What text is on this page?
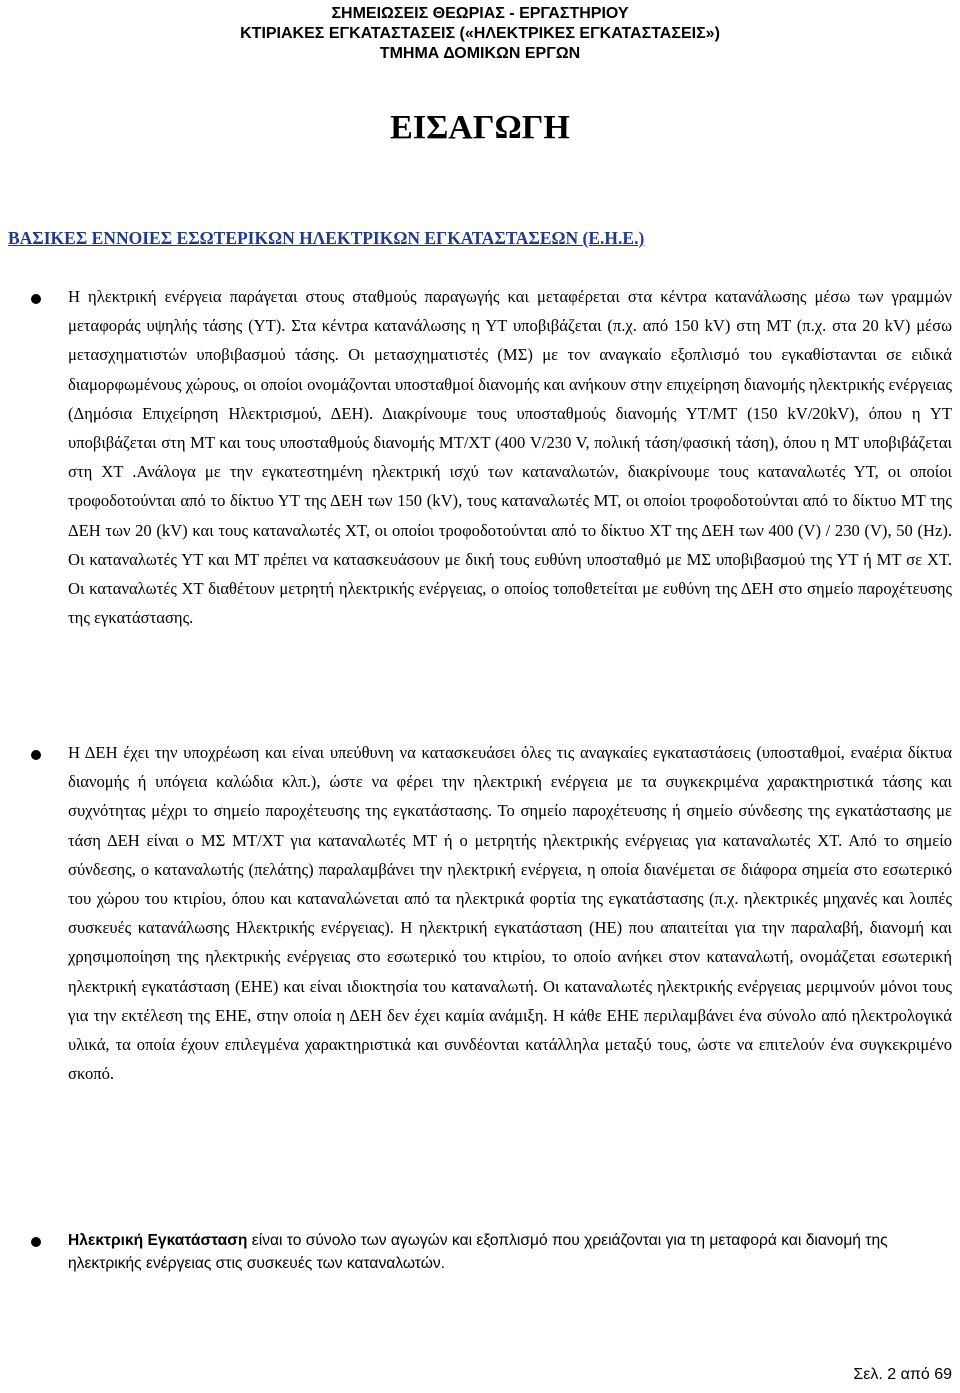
ΣΗΜΕΙΩΣΕΙΣ ΘΕΩΡΙΑΣ - ΕΡΓΑΣΤΗΡΙΟΥ
ΚΤΙΡΙΑΚΕΣ ΕΓΚΑΤΑΣΤΑΣΕΙΣ («ΗΛΕΚΤΡΙΚΕΣ ΕΓΚΑΤΑΣΤΑΣΕΙΣ»)
ΤΜΗΜΑ ΔΟΜΙΚΩΝ ΕΡΓΩΝ
ΕΙΣΑΓΩΓΗ
ΒΑΣΙΚΕΣ ΕΝΝΟΙΕΣ ΕΣΩΤΕΡΙΚΩΝ ΗΛΕΚΤΡΙΚΩΝ ΕΓΚΑΤΑΣΤΑΣΕΩΝ (Ε.Η.Ε.)

Η ηλεκτρική ενέργεια παράγεται στους σταθμούς παραγωγής και μεταφέρεται στα κέντρα κατανάλωσης μέσω των γραμμών μεταφοράς υψηλής τάσης (ΥΤ). Στα κέντρα κατανάλωσης η ΥΤ υποβιβάζεται (π.χ. από 150 kV) στη ΜΤ (π.χ. στα 20 kV) μέσω μετασχηματιστών υποβιβασμού τάσης. Οι μετασχηματιστές (ΜΣ) με τον αναγκαίο εξοπλισμό του εγκαθίστανται σε ειδικά διαμορφωμένους χώρους, οι οποίοι ονομάζονται υποσταθμοί διανομής και ανήκουν στην επιχείρηση διανομής ηλεκτρικής ενέργειας (Δημόσια Επιχείρηση Ηλεκτρισμού, ΔΕΗ). Διακρίνουμε τους υποσταθμούς διανομής ΥΤ/ΜΤ (150 kV/20kV), όπου η ΥΤ υποβιβάζεται στη ΜΤ και τους υποσταθμούς διανομής ΜΤ/ΧΤ (400 V/230 V, πολική τάση/φασική τάση), όπου η ΜΤ υποβιβάζεται στη ΧΤ .Ανάλογα με την εγκατεστημένη ηλεκτρική ισχύ των καταναλωτών, διακρίνουμε τους καταναλωτές ΥΤ, οι οποίοι τροφοδοτούνται από το δίκτυο ΥΤ της ΔΕΗ των 150 (kV), τους καταναλωτές ΜΤ, οι οποίοι τροφοδοτούνται από το δίκτυο ΜΤ της ΔΕΗ των 20 (kV) και τους καταναλωτές ΧΤ, οι οποίοι τροφοδοτούνται από το δίκτυο ΧΤ της ΔΕΗ των 400 (V) / 230 (V), 50 (Hz). Οι καταναλωτές ΥΤ και ΜΤ πρέπει να κατασκευάσουν με δική τους ευθύνη υποσταθμό με ΜΣ υποβιβασμού της ΥΤ ή ΜΤ σε ΧΤ. Οι καταναλωτές ΧΤ διαθέτουν μετρητή ηλεκτρικής ενέργειας, ο οποίος τοποθετείται με ευθύνη της ΔΕΗ στο σημείο παροχέτευσης της εγκατάστασης.

Η ΔΕΗ έχει την υποχρέωση και είναι υπεύθυνη να κατασκευάσει όλες τις αναγκαίες εγκαταστάσεις (υποσταθμοί, εναέρια δίκτυα διανομής ή υπόγεια καλώδια κλπ.), ώστε να φέρει την ηλεκτρική ενέργεια με τα συγκεκριμένα χαρακτηριστικά τάσης και συχνότητας μέχρι το σημείο παροχέτευσης της εγκατάστασης. Το σημείο παροχέτευσης ή σημείο σύνδεσης της εγκατάστασης με τάση ΔΕΗ είναι ο ΜΣ ΜΤ/ΧΤ για καταναλωτές ΜΤ ή ο μετρητής ηλεκτρικής ενέργειας για καταναλωτές ΧΤ. Από το σημείο σύνδεσης, ο καταναλωτής (πελάτης) παραλαμβάνει την ηλεκτρική ενέργεια, η οποία διανέμεται σε διάφορα σημεία στο εσωτερικό του χώρου του κτιρίου, όπου και καταναλώνεται από τα ηλεκτρικά φορτία της εγκατάστασης (π.χ. ηλεκτρικές μηχανές και λοιπές συσκευές κατανάλωσης Ηλεκτρικής ενέργειας). Η ηλεκτρική εγκατάσταση (ΗΕ) που απαιτείται για την παραλαβή, διανομή και χρησιμοποίηση της ηλεκτρικής ενέργειας στο εσωτερικό του κτιρίου, το οποίο ανήκει στον καταναλωτή, ονομάζεται εσωτερική ηλεκτρική εγκατάσταση (ΕΗΕ) και είναι ιδιοκτησία του καταναλωτή. Οι καταναλωτές ηλεκτρικής ενέργειας μεριμνούν μόνοι τους για την εκτέλεση της ΕΗΕ, στην οποία η ΔΕΗ δεν έχει καμία ανάμιξη. Η κάθε ΕΗΕ περιλαμβάνει ένα σύνολο από ηλεκτρολογικά υλικά, τα οποία έχουν επιλεγμένα χαρακτηριστικά και συνδέονται κατάλληλα μεταξύ τους, ώστε να επιτελούν ένα συγκεκριμένο σκοπό.

Ηλεκτρική Εγκατάσταση είναι το σύνολο των αγωγών και εξοπλισμό που χρειάζονται για τη μεταφορά και διανομή της ηλεκτρικής ενέργειας στις συσκευές των καταναλωτών.

Σελ. 2 από 69
